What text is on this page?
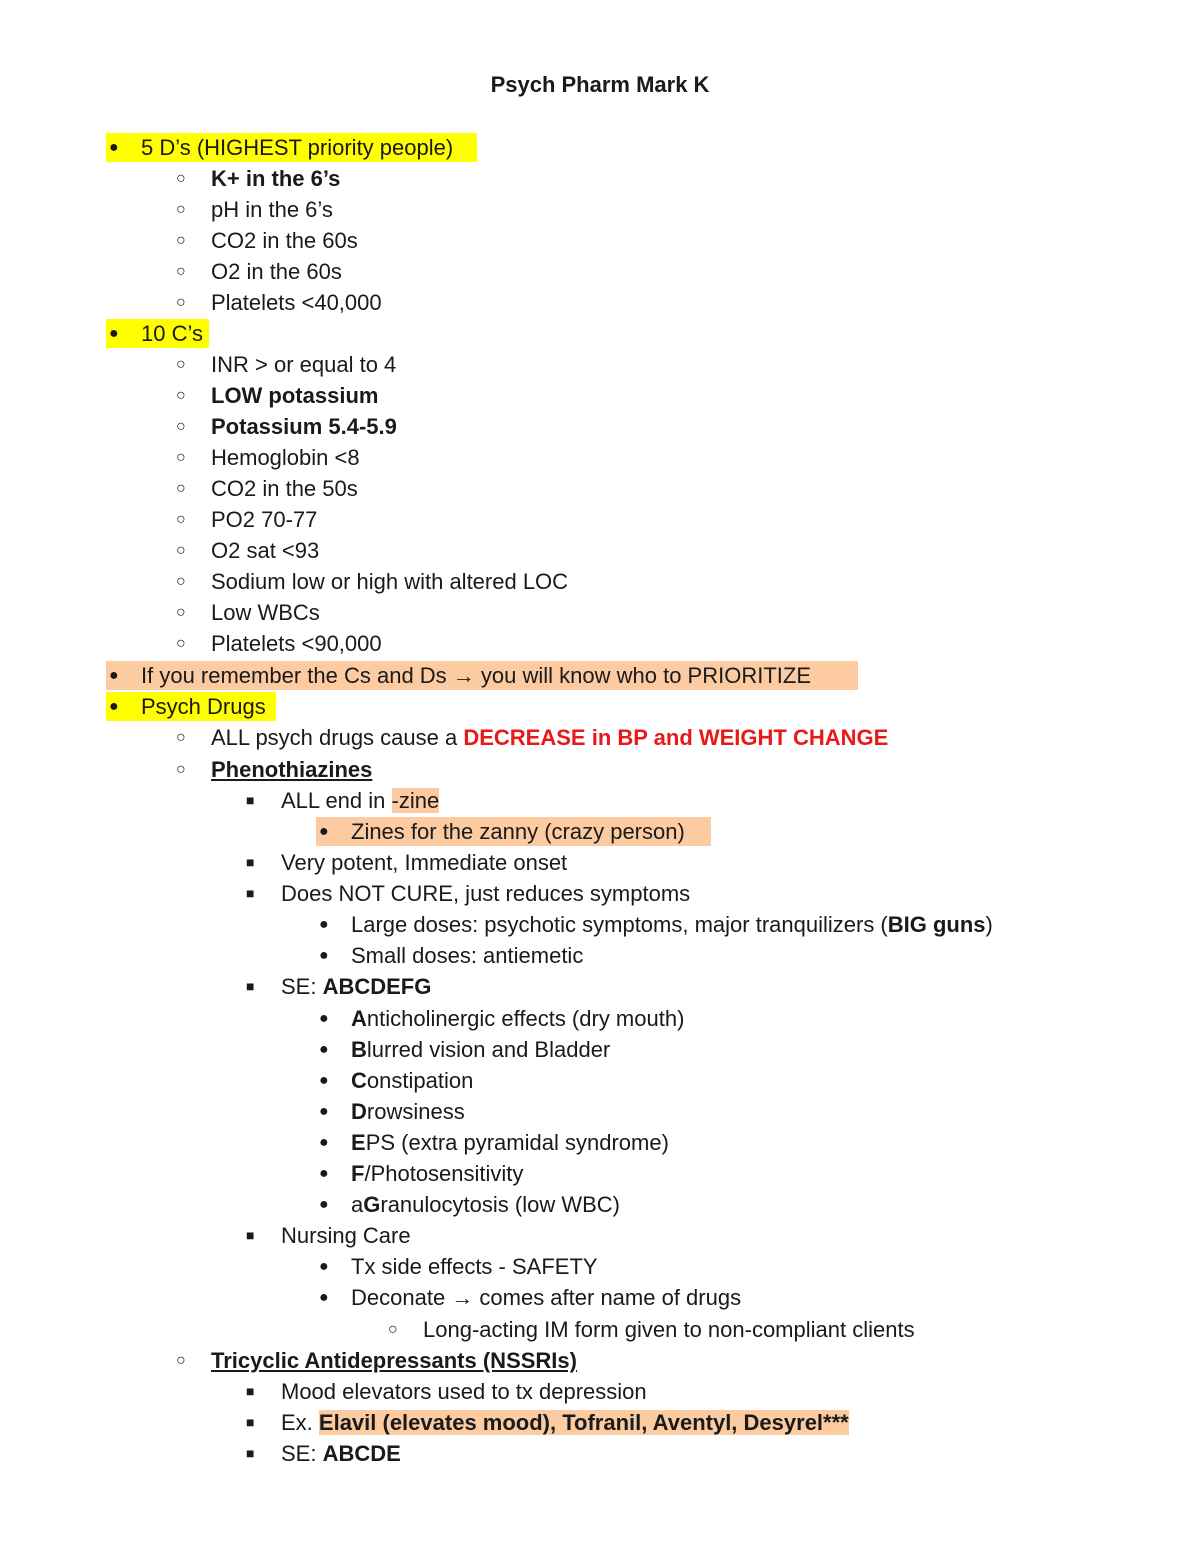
Psych Pharm Mark K
● 5 D’s (HIGHEST priority people)
○ K+ in the 6’s
○ pH in the 6’s
○ CO2 in the 60s
○ O2 in the 60s
○ Platelets <40,000
● 10 C’s
○ INR > or equal to 4
○ LOW potassium
○ Potassium 5.4-5.9
○ Hemoglobin <8
○ CO2 in the 50s
○ PO2 70-77
○ O2 sat <93
○ Sodium low or high with altered LOC
○ Low WBCs
○ Platelets <90,000
● If you remember the Cs and Ds → you will know who to PRIORITIZE
● Psych Drugs
○ ALL psych drugs cause a DECREASE in BP and WEIGHT CHANGE
○ Phenothiazines
■ ALL end in -zine
● Zines for the zanny (crazy person)
■ Very potent, Immediate onset
■ Does NOT CURE, just reduces symptoms
● Large doses: psychotic symptoms, major tranquilizers (BIG guns)
● Small doses: antiemetic
■ SE: ABCDEFG
● Anticholinergic effects (dry mouth)
● Blurred vision and Bladder
● Constipation
● Drowsiness
● EPS (extra pyramidal syndrome)
● F/Photosensitivity
● aGranulocytosis (low WBC)
■ Nursing Care
● Tx side effects - SAFETY
● Deconate → comes after name of drugs
○ Long-acting IM form given to non-compliant clients
○ Tricyclic Antidepressants (NSSRIs)
■ Mood elevators used to tx depression
■ Ex. Elavil (elevates mood), Tofranil, Aventyl, Desyrel***
■ SE: ABCDE
